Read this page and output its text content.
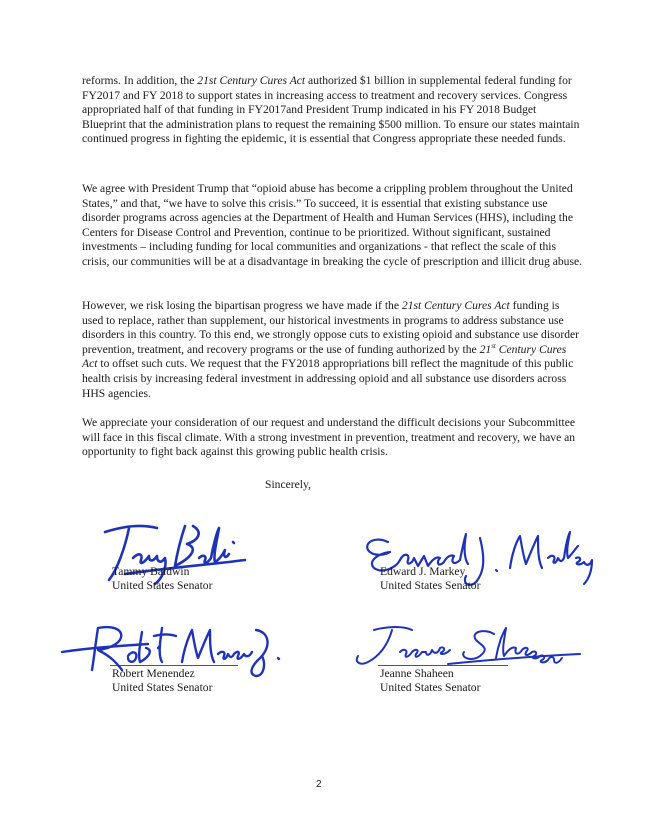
reforms. In addition, the 21st Century Cures Act authorized $1 billion in supplemental federal funding for FY2017 and FY 2018 to support states in increasing access to treatment and recovery services. Congress appropriated half of that funding in FY2017and President Trump indicated in his FY 2018 Budget Blueprint that the administration plans to request the remaining $500 million. To ensure our states maintain continued progress in fighting the epidemic, it is essential that Congress appropriate these needed funds.

We agree with President Trump that “opioid abuse has become a crippling problem throughout the United States,” and that, “we have to solve this crisis.” To succeed, it is essential that existing substance use disorder programs across agencies at the Department of Health and Human Services (HHS), including the Centers for Disease Control and Prevention, continue to be prioritized. Without significant, sustained investments – including funding for local communities and organizations - that reflect the scale of this crisis, our communities will be at a disadvantage in breaking the cycle of prescription and illicit drug abuse.

However, we risk losing the bipartisan progress we have made if the 21st Century Cures Act funding is used to replace, rather than supplement, our historical investments in programs to address substance use disorders in this country. To this end, we strongly oppose cuts to existing opioid and substance use disorder prevention, treatment, and recovery programs or the use of funding authorized by the 21st Century Cures Act to offset such cuts. We request that the FY2018 appropriations bill reflect the magnitude of this public health crisis by increasing federal investment in addressing opioid and all substance use disorders across HHS agencies.

We appreciate your consideration of our request and understand the difficult decisions your Subcommittee will face in this fiscal climate. With a strong investment in prevention, treatment and recovery, we have an opportunity to fight back against this growing public health crisis.

Sincerely,
Tammy Baldwin
United States Senator
Edward J. Markey
United States Senator
Robert Menendez
United States Senator
Jeanne Shaheen
United States Senator
2
